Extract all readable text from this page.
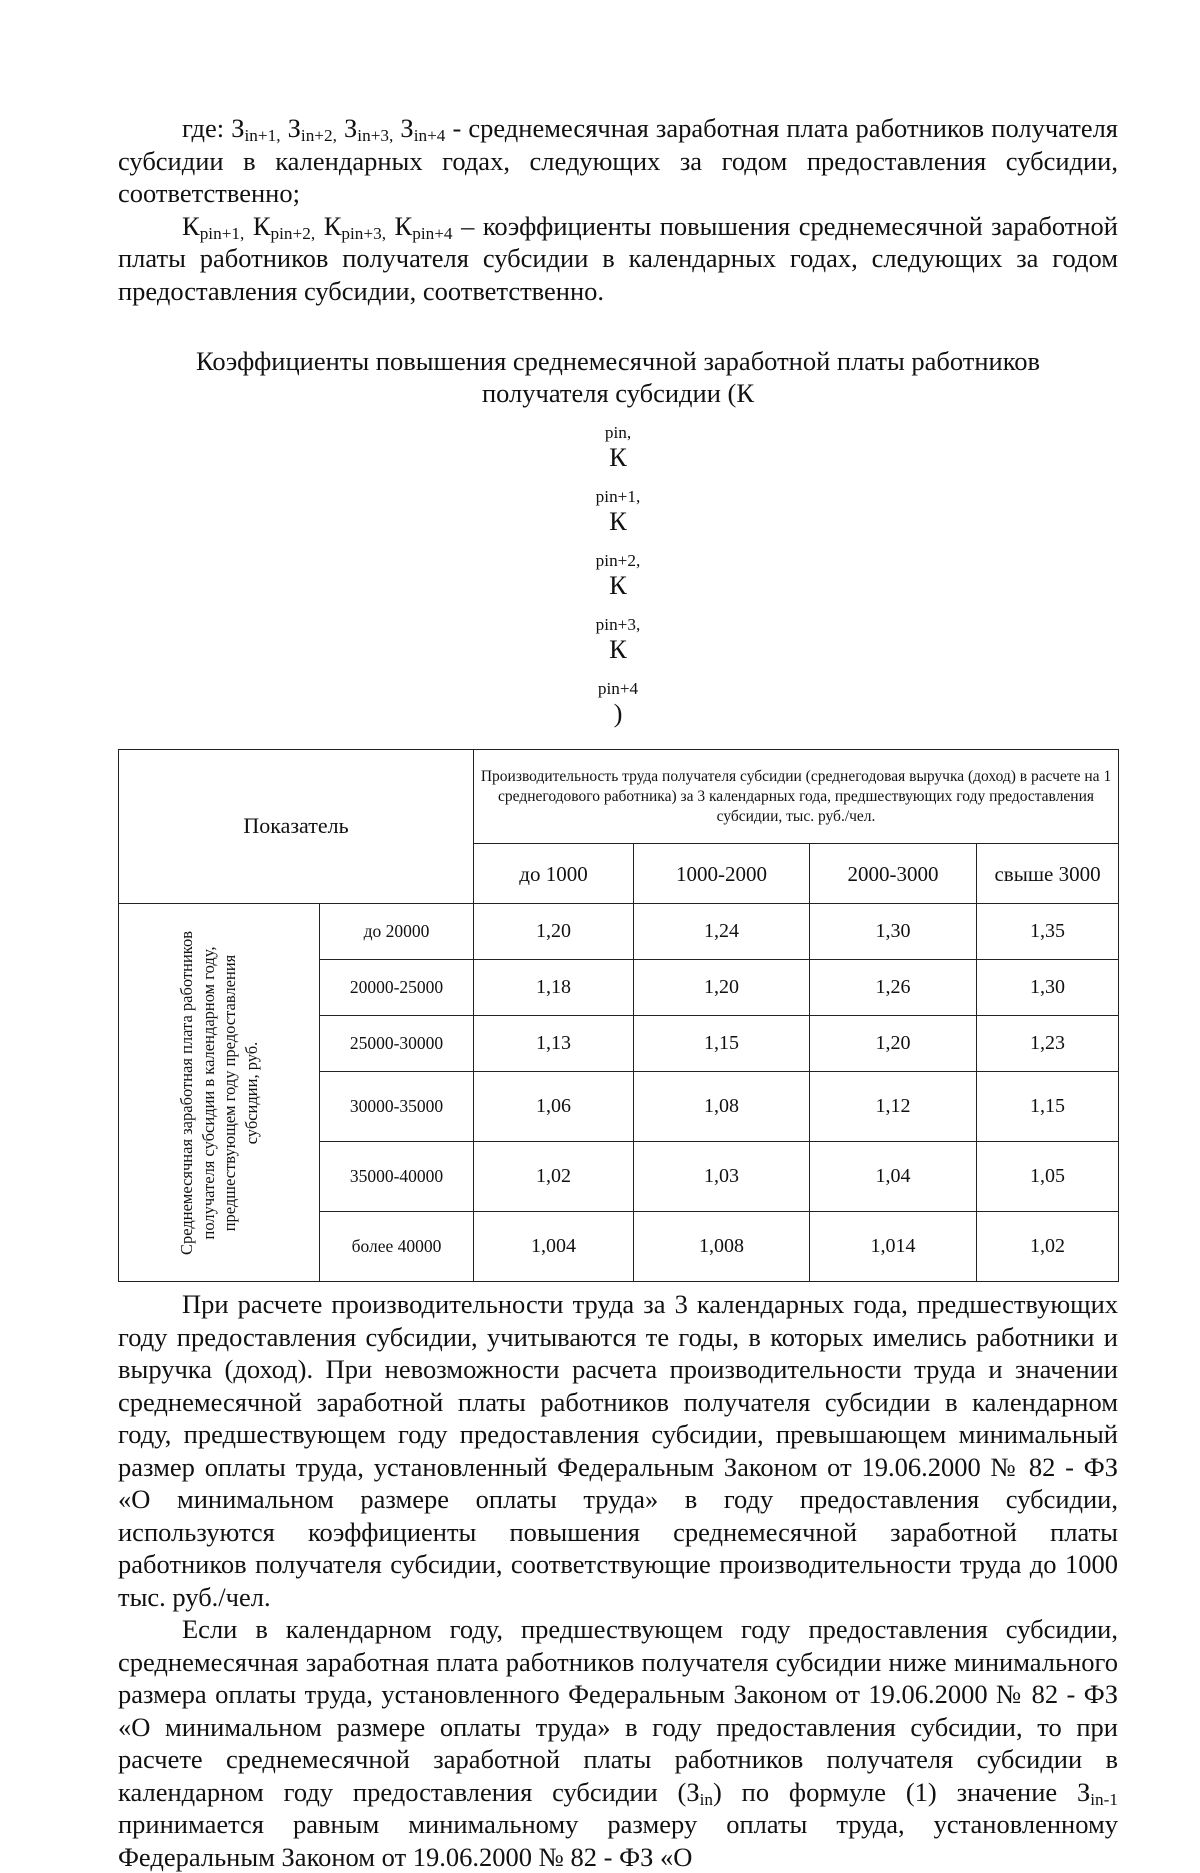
где: $З_{in+1,}$ $З_{in+2,}$ $З_{in+3,}$ $З_{in+4}$ - среднемесячная заработная плата работников получателя субсидии в календарных годах, следующих за годом предоставления субсидии, соответственно;

$К_{pin+1,}$ $К_{pin+2,}$ $К_{pin+3,}$ $К_{pin+4}$ – коэффициенты повышения среднемесячной заработной платы работников получателя субсидии в календарных годах, следующих за годом предоставления субсидии, соответственно.

Коэффициенты повышения среднемесячной заработной платы работников
получателя субсидии (К
$_{pin,}$
К
$_{pin+1,}$
К
$_{pin+2,}$
К
$_{pin+3,}$
К
$_{pin+4}$
)
Показатель		Производительность труда получателя субсидии (среднегодовая выручка (доход) в расчете на 1 среднегодового работника) за 3 календарных года, предшествующих году предоставления субсидии, тыс. руб./чел.			
		до 1000	1000-2000	2000-3000	свыше 3000

Среднемесячная заработная плата работников получателя субсидии в календарном году, предшествующем году предоставления субсидии, руб.	до 20000	1,20	1,24	1,30	1,35
	20000-25000	1,18	1,20	1,26	1,30
	25000-30000	1,13	1,15	1,20	1,23
	30000-35000	1,06	1,08	1,12	1,15
	35000-40000	1,02	1,03	1,04	1,05
	более 40000	1,004	1,008	1,014	1,02

При расчете производительности труда за 3 календарных года, предшествующих году предоставления субсидии, учитываются те годы, в которых имелись работники и выручка (доход). При невозможности расчета производительности труда и значении среднемесячной заработной платы работников получателя субсидии в календарном году, предшествующем году предоставления субсидии, превышающем минимальный размер оплаты труда, установленный Федеральным Законом от 19.06.2000 № 82 - ФЗ «О минимальном размере оплаты труда» в году предоставления субсидии, используются коэффициенты повышения среднемесячной заработной платы работников получателя субсидии, соответствующие производительности труда до 1000 тыс. руб./чел.

Если в календарном году, предшествующем году предоставления субсидии, среднемесячная заработная плата работников получателя субсидии ниже минимального размера оплаты труда, установленного Федеральным Законом от 19.06.2000 № 82 - ФЗ «О минимальном размере оплаты труда» в году предоставления субсидии, то при расчете среднемесячной заработной платы работников получателя субсидии в календарном году предоставления субсидии $(З_{in})$ по формуле (1) значение $З_{in-1}$ принимается равным минимальному размеру оплаты труда, установленному Федеральным Законом от 19.06.2000 № 82 - ФЗ «О
